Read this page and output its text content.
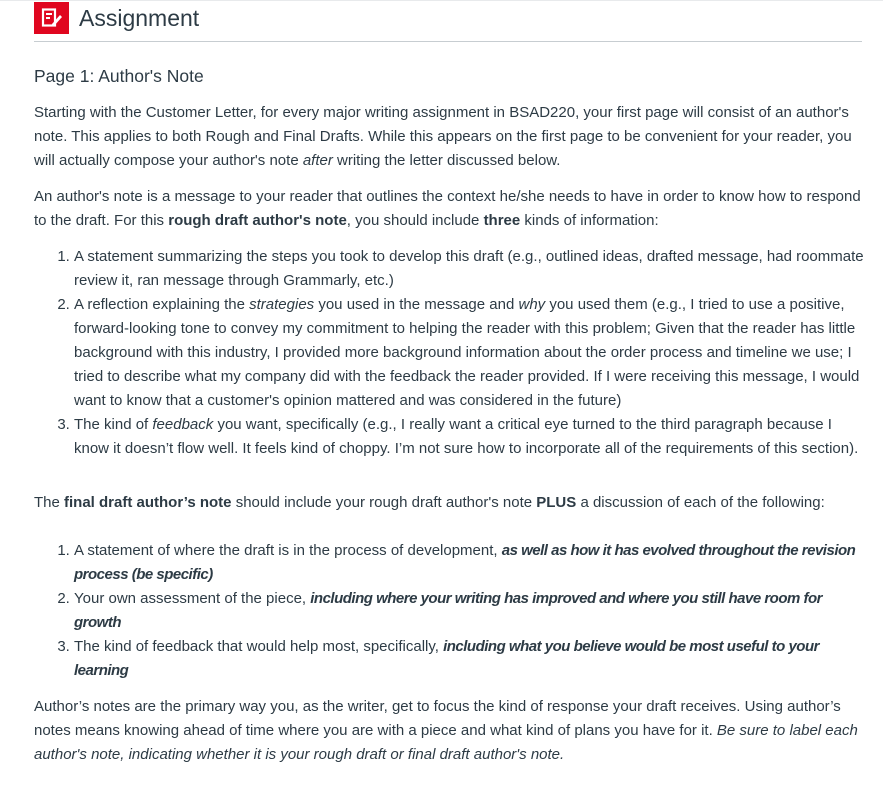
Assignment
Page 1: Author's Note

Starting with the Customer Letter, for every major writing assignment in BSAD220, your first page will consist of an author's note. This applies to both Rough and Final Drafts. While this appears on the first page to be convenient for your reader, you will actually compose your author's note after writing the letter discussed below.

An author's note is a message to your reader that outlines the context he/she needs to have in order to know how to respond to the draft. For this rough draft author's note, you should include three kinds of information:

1. A statement summarizing the steps you took to develop this draft (e.g., outlined ideas, drafted message, had roommate review it, ran message through Grammarly, etc.)
2. A reflection explaining the strategies you used in the message and why you used them (e.g., I tried to use a positive, forward-looking tone to convey my commitment to helping the reader with this problem; Given that the reader has little background with this industry, I provided more background information about the order process and timeline we use; I tried to describe what my company did with the feedback the reader provided. If I were receiving this message, I would want to know that a customer's opinion mattered and was considered in the future)
3. The kind of feedback you want, specifically (e.g., I really want a critical eye turned to the third paragraph because I know it doesn’t flow well. It feels kind of choppy. I’m not sure how to incorporate all of the requirements of this section).

The final draft author’s note should include your rough draft author's note PLUS a discussion of each of the following:

1. A statement of where the draft is in the process of development, as well as how it has evolved throughout the revision process (be specific)
2. Your own assessment of the piece, including where your writing has improved and where you still have room for growth
3. The kind of feedback that would help most, specifically, including what you believe would be most useful to your learning

Author’s notes are the primary way you, as the writer, get to focus the kind of response your draft receives. Using author’s notes means knowing ahead of time where you are with a piece and what kind of plans you have for it. Be sure to label each author's note, indicating whether it is your rough draft or final draft author's note.
